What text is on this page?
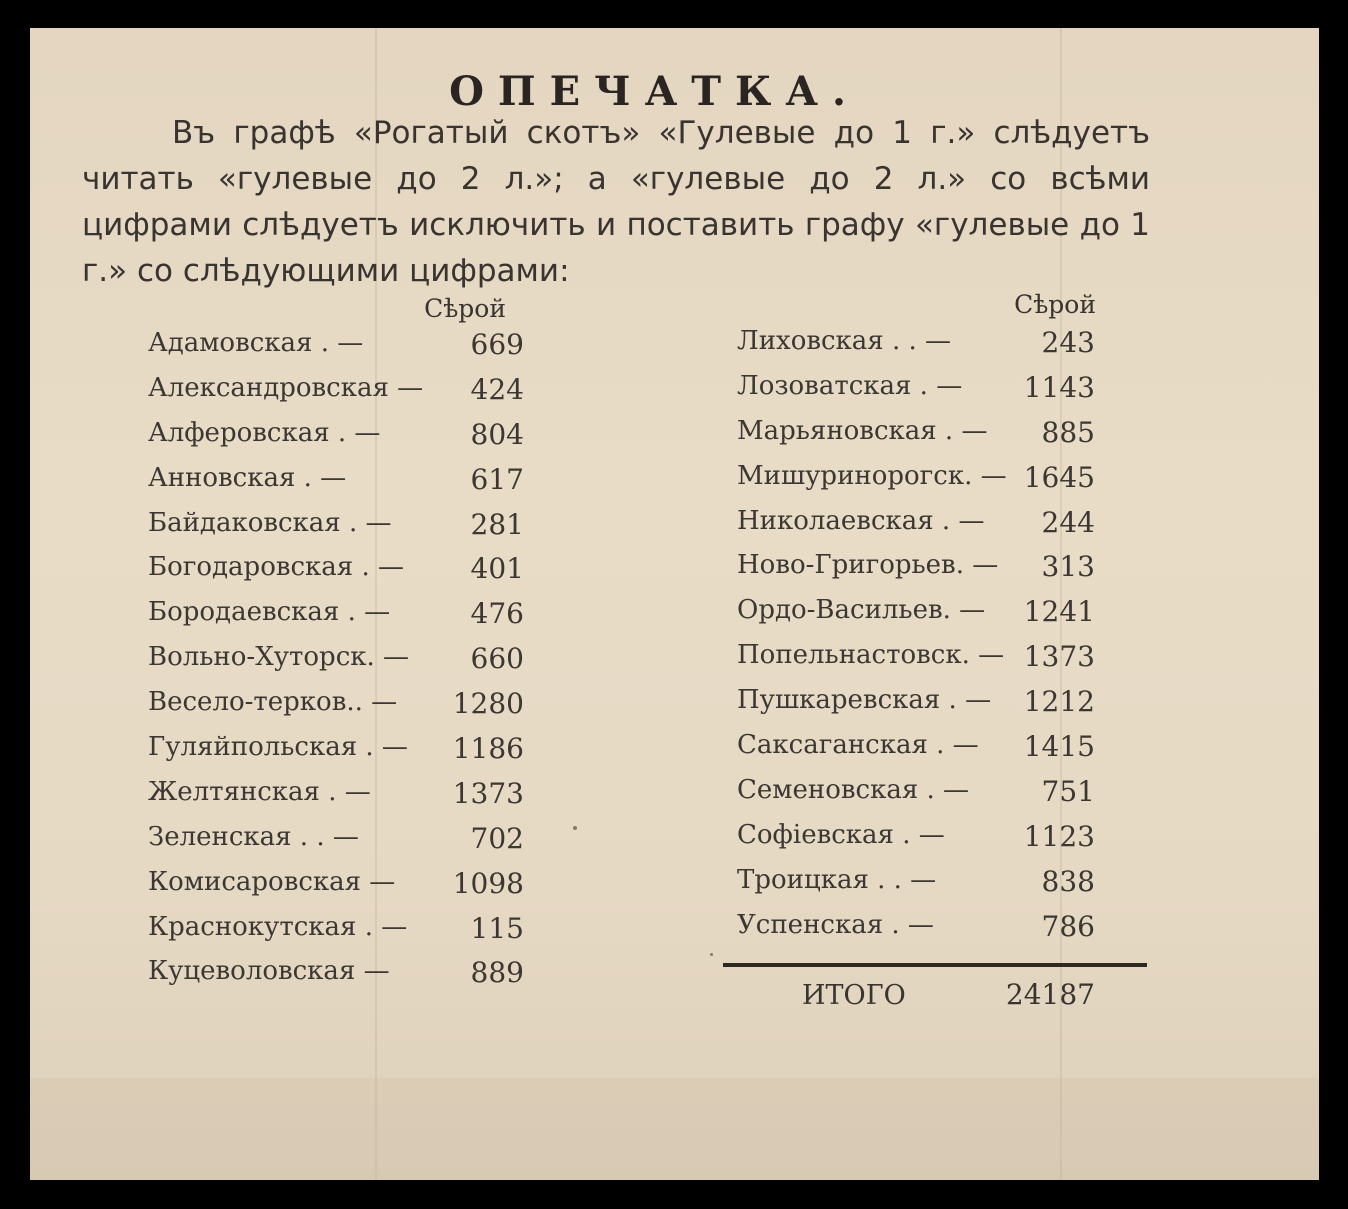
ОПЕЧАТКА.
Въ графѣ «Рогатый скотъ» «Гулевые до 1 г.» слѣдуетъ читать «гулевые до 2 л.»; а «гулевые до 2 л.» со всѣми цифрами слѣдуетъ исключить и поставить графу «гулевые до 1 г.» со слѣдующими цифрами:
Сѣрой	Сѣрой
Адамовская . —	669
Александровская —	424
Алферовская . —	804
Анновская . —	617
Байдаковская . —	281
Богодаровская . —	401
Бородаевская . —	476
Вольно-Хуторск. —	660
Весело-терков.. —	1280
Гуляйпольская . —	1186
Желтянская . —	1373
Зеленская . . —	702
Комисаровская —	1098
Краснокутская . —	115
Куцеволовская —	889
Лиховская . . —	243
Лозоватская . —	1143
Марьяновская . —	885
Мишуринорогск. — 1645
Николаевская . —	244
Ново-Григорьев. —	313
Ордо-Васильев. —	1241
Попельнастовск. — 1373
Пушкаревская . —	1212
Саксаганская . —	1415
Семеновская . —	751
Софіевская . —	1123
Троицкая . . —	838
Успенская . —	786
ИТОГО	24187
